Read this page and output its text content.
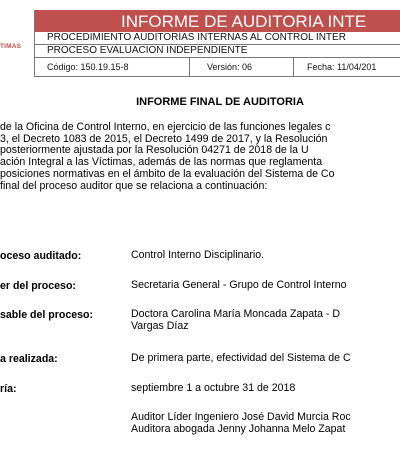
TIMAS
INFORME DE AUDITORIA INTE
PROCEDIMIENTO AUDITORÍAS INTERNAS AL CONTROL INTER
PROCESO EVALUACIÓN INDEPENDIENTE
Código: 150.19.15-8	Versión: 06	Fecha: 11/04/201
INFORME FINAL DE AUDITORIA
de la Oficina de Control Interno, en ejercicio de las funciones legales c
3, el Decreto 1083 de 2015, el Decreto 1499 de 2017, y la Resolución
posteriormente ajustada por la Resolución 04271 de 2018 de la U
ación Integral a las Víctimas, además de las normas que reglamenta
posiciones normativas en el ámbito de la evaluación del Sistema de Co
final del proceso auditor que se relaciona a continuación:
oceso auditado:	Control Interno Disciplinario.
er del proceso:	Secretaria General - Grupo de Control Interno
sable del proceso:	Doctora Carolina María Moncada Zapata - D
Vargas Díaz
a realizada:	De primera parte, efectividad del Sistema de C
ría:	septiembre 1 a octubre 31 de 2018
Auditor Líder Ingeniero José David Murcia Roc
Auditora abogada Jenny Johanna Melo Zapat
